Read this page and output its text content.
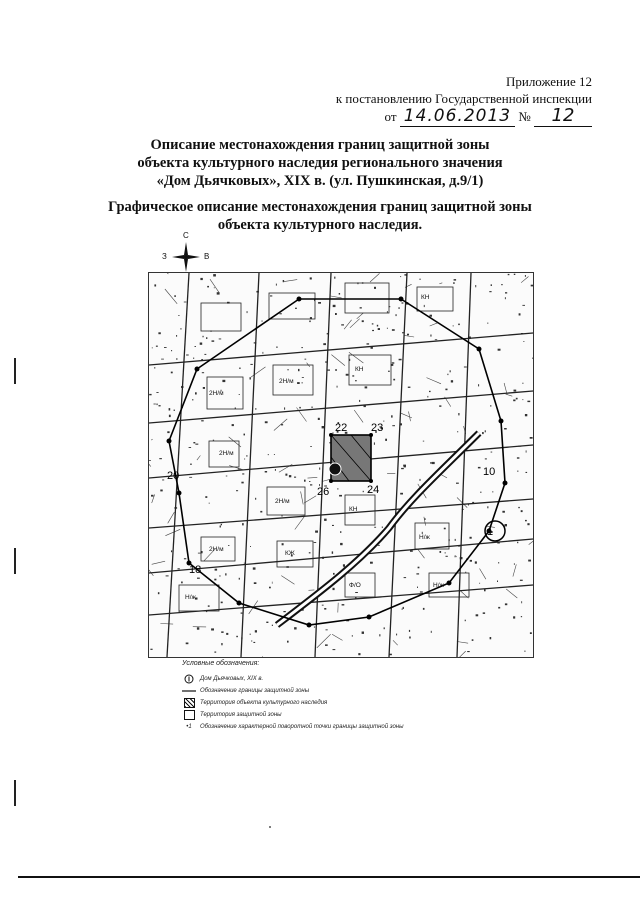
Приложение 12
к постановлению Государственной инспекции
от 14.06.2013 № 12
Описание местонахождения границ защитной зоны
объекта культурного наследия регионального значения
«Дом Дьячковых», XIX в. (ул. Пушкинская, д.9/1)
Графическое описание местонахождения границ защитной зоны
объекта культурного наследия.
С
З	В
10
1
18
20
22 23
24
26
2Н/м
2Н/м
2Н/м
2Н/м
2Н/м
КН
КН
КН
КЖ
Н/ж
Н/ж
Н/ж
Ф/О
Условные обозначения:
Дом Дьячковых, XIX в.
Обозначение границы защитной зоны
Территория объекта культурного наследия
Территория защитной зоны
•1	Обозначение характерной поворотной точки границы защитной зоны
